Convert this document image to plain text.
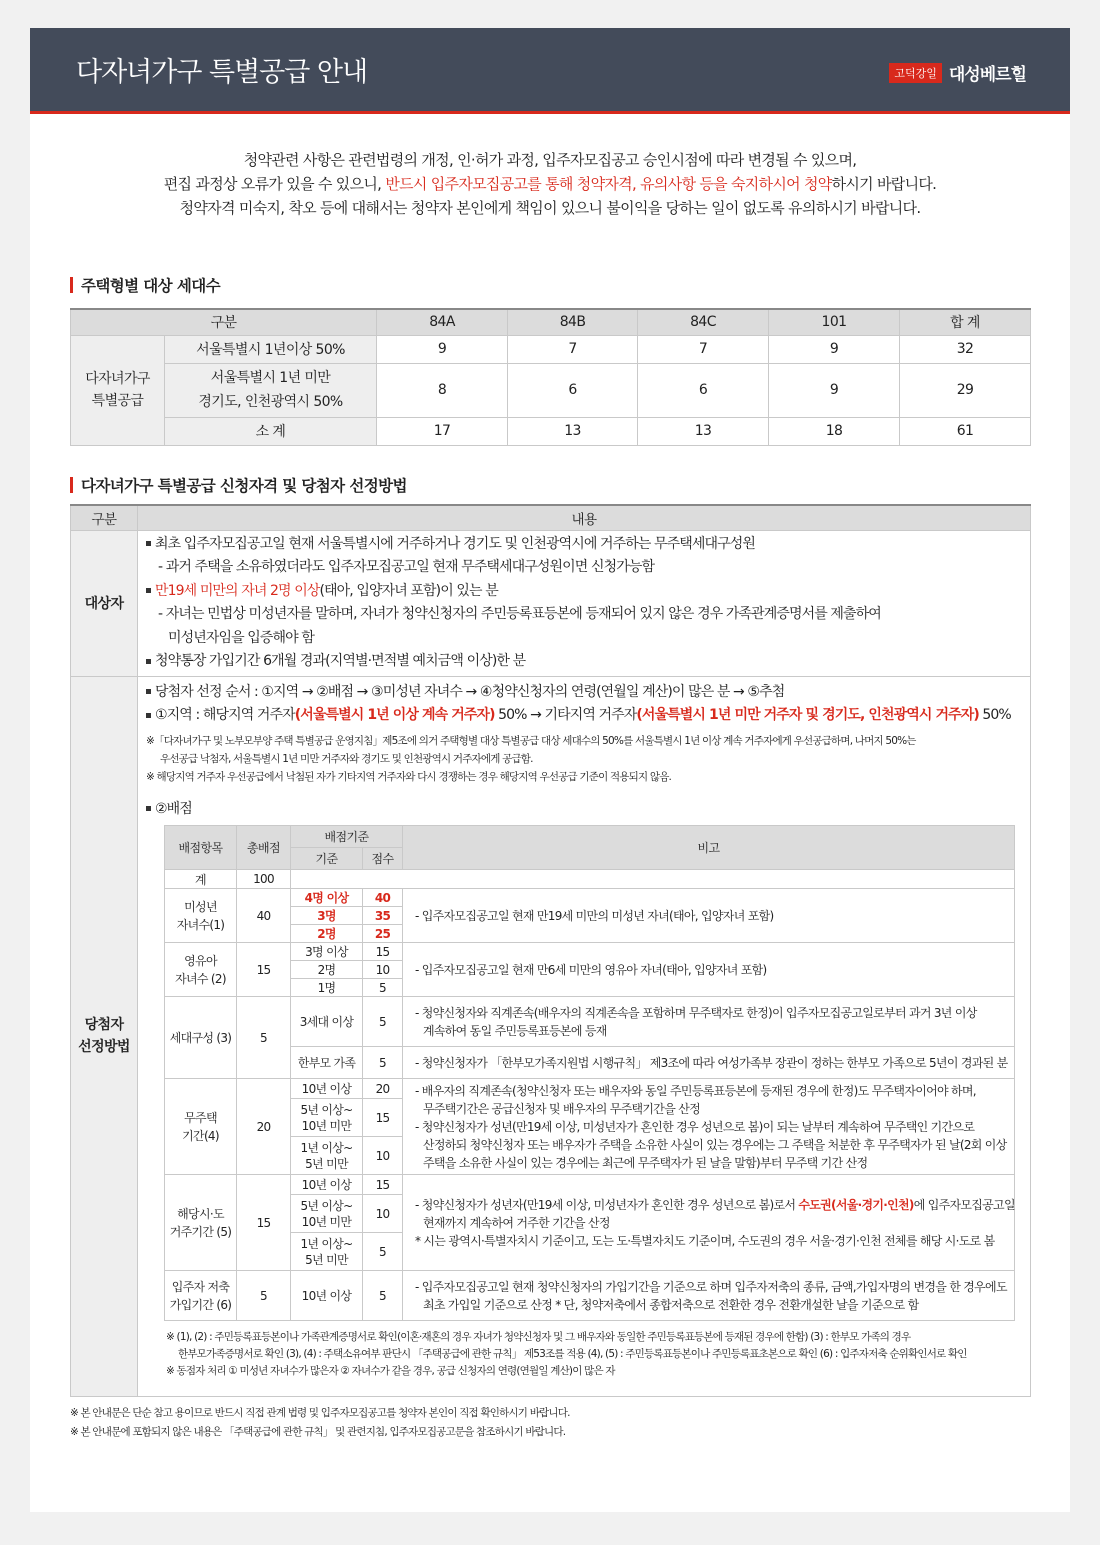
다자녀가구 특별공급 안내	고덕강일 대성베르힐

청약관련 사항은 관련법령의 개정, 인·허가 과정, 입주자모집공고 승인시점에 따라 변경될 수 있으며,

편집 과정상 오류가 있을 수 있으니, 반드시 입주자모집공고를 통해 청약자격, 유의사항 등을 숙지하시어 청약하시기 바랍니다.

청약자격 미숙지, 착오 등에 대해서는 청약자 본인에게 책임이 있으니 불이익을 당하는 일이 없도록 유의하시기 바랍니다.

주택형별 대상 세대수
구분		84A	84B	84C	101	합 계
다자녀가구
특별공급	서울특별시 1년이상 50%	9	7	7	9	32

	서울특별시 1년 미만
경기도, 인천광역시 50%	8	6	6	9	29
	소 계	17	13	13	18	61
다자녀가구 특별공급 신청자격 및 당첨자 선정방법
구분	내용
대상자	
최초 입주자모집공고일 현재 서울특별시에 거주하거나 경기도 및 인천광역시에 거주하는 무주택세대구성원
- 과거 주택을 소유하였더라도 입주자모집공고일 현재 무주택세대구성원이면 신청가능함
만19세 미만의 자녀 2명 이상(태아, 입양자녀 포함)이 있는 분
- 자녀는 민법상 미성년자를 말하며, 자녀가 청약신청자의 주민등록표등본에 등재되어 있지 않은 경우 가족관계증명서를 제출하여
미성년자임을 입증해야 함
청약통장 가입기간 6개월 경과(지역별·면적별 예치금액 이상)한 분

당첨자
선정방법	
당첨자 선정 순서 : ①지역 → ②배점 → ③미성년 자녀수 → ④청약신청자의 연령(연월일 계산)이 많은 분 → ⑤추첨
①지역 : 해당지역 거주자(서울특별시 1년 이상 계속 거주자) 50% → 기타지역 거주자(서울특별시 1년 미만 거주자 및 경기도, 인천광역시 거주자) 50%
※「다자녀가구 및 노부모부양 주택 특별공급 운영지침」제5조에 의거 주택형별 대상 특별공급 대상 세대수의 50%를 서울특별시 1년 이상 계속 거주자에게 우선공급하며, 나머지 50%는
우선공급 낙첨자, 서울특별시 1년 미만 거주자와 경기도 및 인천광역시 거주자에게 공급함.
※ 해당지역 거주자 우선공급에서 낙첨된 자가 기타지역 거주자와 다시 경쟁하는 경우 해당지역 우선공급 기준이 적용되지 않음.
②배점
배점항목	총배점	배점기준	비고
기준	점수
계	100	

미성년
자녀수(1)
	40	4명 이상	40	
- 입주자모집공고일 현재 만19세 미만의 미성년 자녀(태아, 입양자녀 포함)

3명	35
2명	25

영유아
자녀수 (2)
	15	3명 이상	15	
- 입주자모집공고일 현재 만6세 미만의 영유아 자녀(태아, 입양자녀 포함)

2명	10
1명	5
세대구성 (3)	5	3세대 이상	5	
- 청약신청자와 직계존속(배우자의 직계존속을 포함하며 무주택자로 한정)이 입주자모집공고일로부터 과거 3년 이상
계속하여 동일 주민등록표등본에 등재

한부모 가족	5	- 청약신청자가 「한부모가족지원법 시행규칙」 제3조에 따라 여성가족부 장관이 정하는 한부모 가족으로 5년이 경과된 분

무주택
기간(4)
	20	10년 이상	20	- 배우자의 직계존속(청약신청자 또는 배우자와 동일 주민등록표등본에 등재된 경우에 한정)도 무주택자이어야 하며,
무주택기간은 공급신청자 및 배우자의 무주택기간을 산정
- 청약신청자가 성년(만19세 이상, 미성년자가 혼인한 경우 성년으로 봄)이 되는 날부터 계속하여 무주택인 기간으로
산정하되 청약신청자 또는 배우자가 주택을 소유한 사실이 있는 경우에는 그 주택을 처분한 후 무주택자가 된 날(2회 이상
주택을 소유한 사실이 있는 경우에는 최근에 무주택자가 된 날을 말함)부터 무주택 기간 산정

5년 이상~
10년 미만	15
1년 이상~
5년 미만	10

해당시·도
거주기간 (5)
	15	10년 이상	15	
- 청약신청자가 성년자(만19세 이상, 미성년자가 혼인한 경우 성년으로 봄)로서 수도권(서울·경기·인천)에 입주자모집공고일
현재까지 계속하여 거주한 기간을 산정
* 시는 광역시·특별자치시 기준이고, 도는 도·특별자치도 기준이며, 수도권의 경우 서울·경기·인천 전체를 해당 시·도로 봄

5년 이상~
10년 미만	10
1년 이상~
5년 미만	5

입주자 저축
가입기간 (6)
	5	10년 이상	5	
- 입주자모집공고일 현재 청약신청자의 가입기간을 기준으로 하며 입주자저축의 종류, 금액,가입자명의 변경을 한 경우에도
최초 가입일 기준으로 산정 * 단, 청약저축에서 종합저축으로 전환한 경우 전환개설한 날을 기준으로 함
※ (1), (2) : 주민등록표등본이나 가족관계증명서로 확인(이혼·재혼의 경우 자녀가 청약신청자 및 그 배우자와 동일한 주민등록표등본에 등재된 경우에 한함) (3) : 한부모 가족의 경우
한부모가족증명서로 확인 (3), (4) : 주택소유여부 판단시 「주택공급에 관한 규칙」 제53조를 적용 (4), (5) : 주민등록표등본이나 주민등록표초본으로 확인 (6) : 입주자저축 순위확인서로 확인
※ 동점자 처리 ① 미성년 자녀수가 많은자 ② 자녀수가 같을 경우, 공급 신청자의 연령(연월일 계산)이 많은 자
※ 본 안내문은 단순 참고 용이므로 반드시 직접 관계 법령 및 입주자모집공고를 청약자 본인이 직접 확인하시기 바랍니다.
※ 본 안내문에 포함되지 않은 내용은 「주택공급에 관한 규칙」 및 관련지침, 입주자모집공고문을 참조하시기 바랍니다.
